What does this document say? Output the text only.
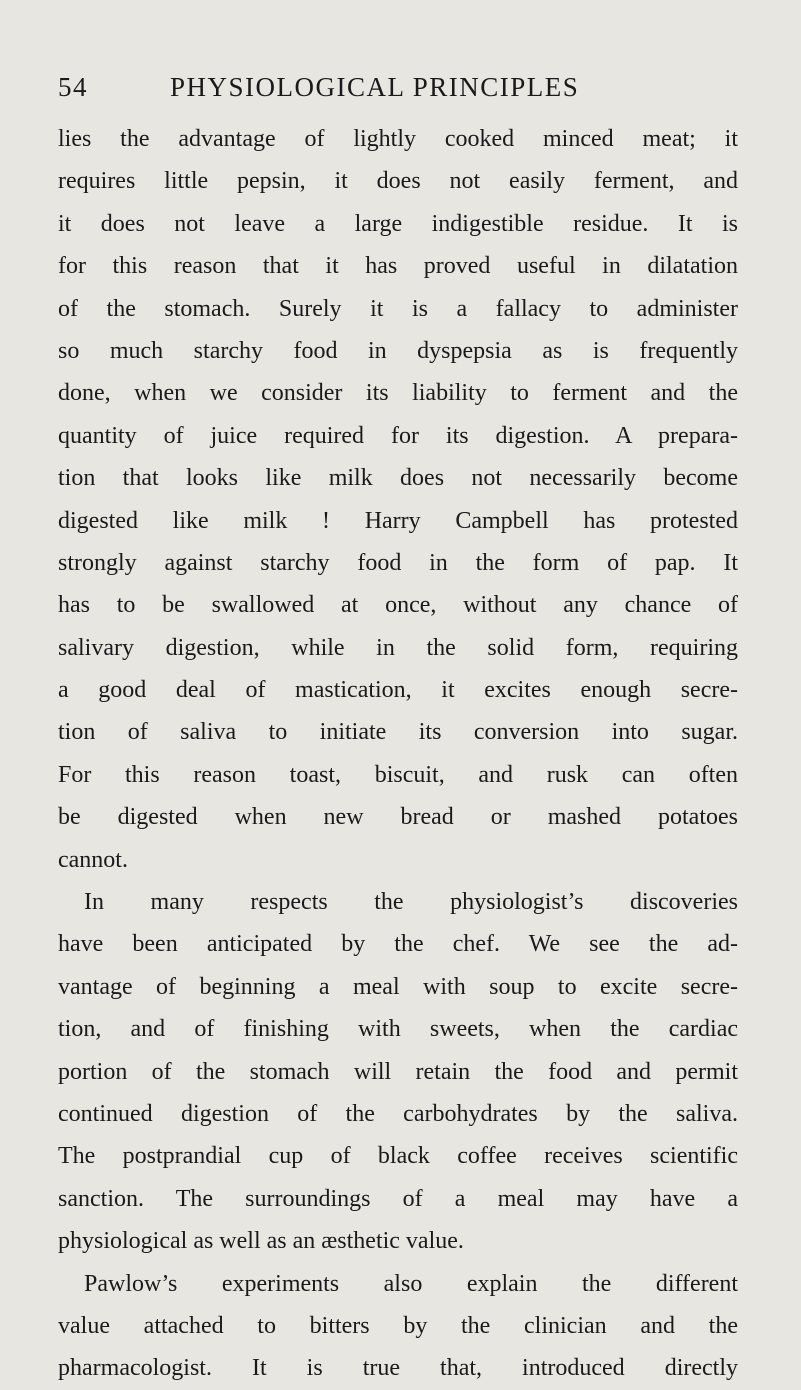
54	PHYSIOLOGICAL PRINCIPLES
lies the advantage of lightly cooked minced meat; it
requires little pepsin, it does not easily ferment, and
it does not leave a large indigestible residue. It is
for this reason that it has proved useful in dilatation
of the stomach. Surely it is a fallacy to administer
so much starchy food in dyspepsia as is frequently
done, when we consider its liability to ferment and the
quantity of juice required for its digestion. A prepara-
tion that looks like milk does not necessarily become
digested like milk ! Harry Campbell has protested
strongly against starchy food in the form of pap. It
has to be swallowed at once, without any chance of
salivary digestion, while in the solid form, requiring
a good deal of mastication, it excites enough secre-
tion of saliva to initiate its conversion into sugar.
For this reason toast, biscuit, and rusk can often
be digested when new bread or mashed potatoes
cannot.
In many respects the physiologist’s discoveries
have been anticipated by the chef. We see the ad-
vantage of beginning a meal with soup to excite secre-
tion, and of finishing with sweets, when the cardiac
portion of the stomach will retain the food and permit
continued digestion of the carbohydrates by the saliva.
The postprandial cup of black coffee receives scientific
sanction. The surroundings of a meal may have a
physiological as well as an æsthetic value.
Pawlow’s experiments also explain the different
value attached to bitters by the clinician and the
pharmacologist. It is true that, introduced directly
